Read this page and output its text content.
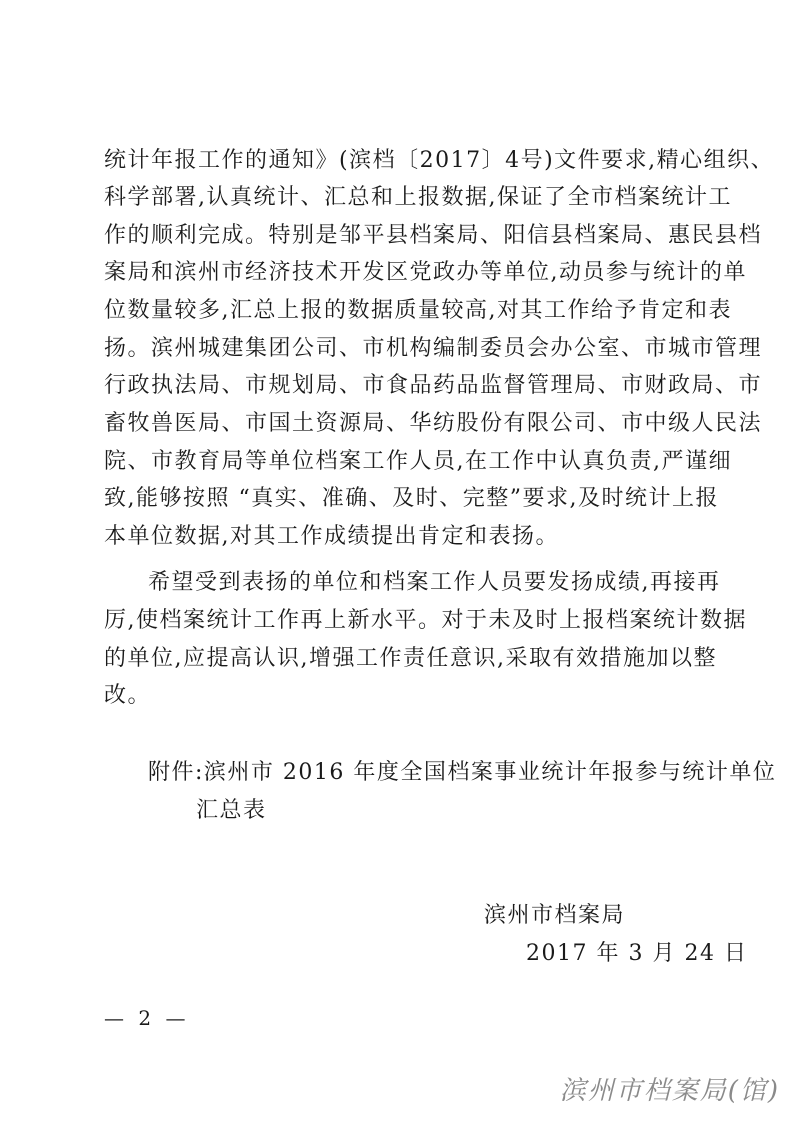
统计年报工作的通知》(滨档〔2017〕4号)文件要求,精心组织、
科学部署,认真统计、汇总和上报数据,保证了全市档案统计工
作的顺利完成。特别是邹平县档案局、阳信县档案局、惠民县档
案局和滨州市经济技术开发区党政办等单位,动员参与统计的单
位数量较多,汇总上报的数据质量较高,对其工作给予肯定和表
扬。滨州城建集团公司、市机构编制委员会办公室、市城市管理
行政执法局、市规划局、市食品药品监督管理局、市财政局、市
畜牧兽医局、市国土资源局、华纺股份有限公司、市中级人民法
院、市教育局等单位档案工作人员,在工作中认真负责,严谨细
致,能够按照 “真实、准确、及时、完整”要求,及时统计上报
本单位数据,对其工作成绩提出肯定和表扬。
希望受到表扬的单位和档案工作人员要发扬成绩,再接再
厉,使档案统计工作再上新水平。对于未及时上报档案统计数据
的单位,应提高认识,增强工作责任意识,采取有效措施加以整
改。
附件:滨州市 2016 年度全国档案事业统计年报参与统计单位
汇总表
滨州市档案局
2017 年 3 月 24 日
— 2 —
滨州市档案局(馆)
